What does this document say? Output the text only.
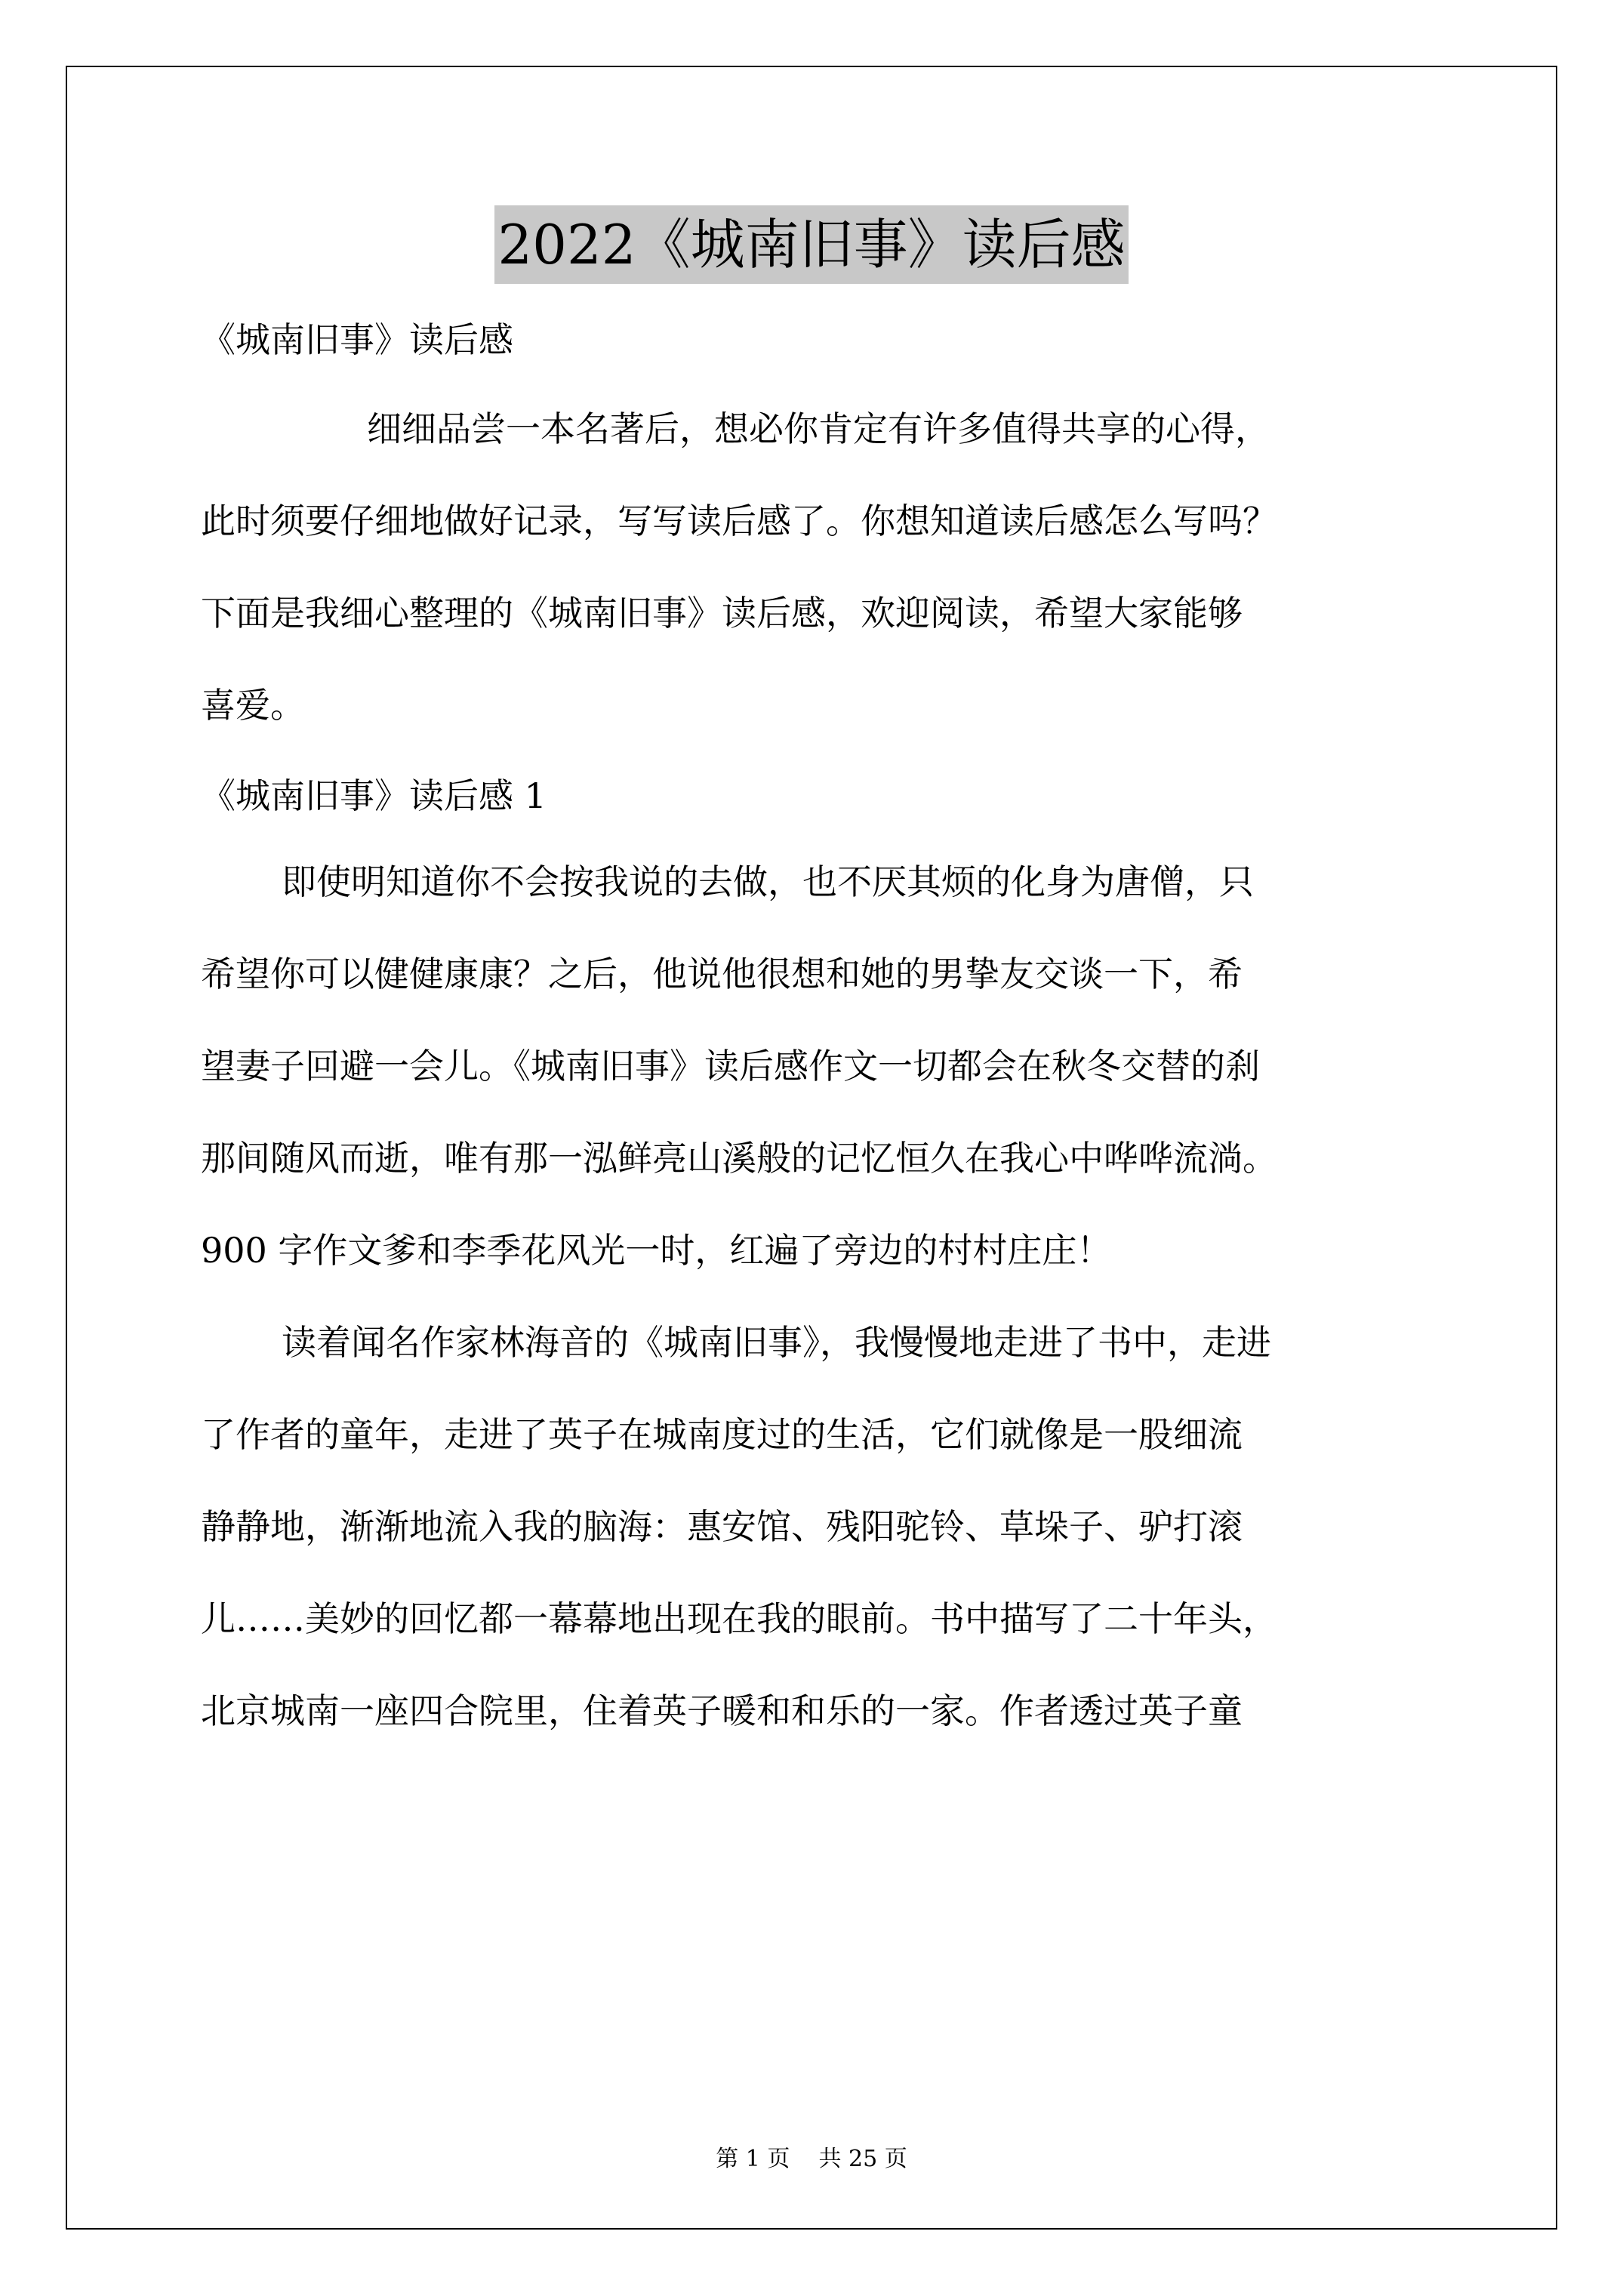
2022《城南旧事》读后感
《城南旧事》读后感
细细品尝一本名著后，想必你肯定有许多值得共享的心得，
此时须要仔细地做好记录，写写读后感了。你想知道读后感怎么写吗？
下面是我细心整理的《城南旧事》读后感，欢迎阅读，希望大家能够
喜爱。
《城南旧事》读后感 1
即使明知道你不会按我说的去做，也不厌其烦的化身为唐僧，只
希望你可以健健康康？之后，他说他很想和她的男挚友交谈一下，希
望妻子回避一会儿。《城南旧事》读后感作文一切都会在秋冬交替的刹
那间随风而逝，唯有那一泓鲜亮山溪般的记忆恒久在我心中哗哗流淌。
900 字作文爹和李季花风光一时，红遍了旁边的村村庄庄！
读着闻名作家林海音的《城南旧事》，我慢慢地走进了书中，走进
了作者的童年，走进了英子在城南度过的生活，它们就像是一股细流
静静地，渐渐地流入我的脑海：惠安馆、残阳驼铃、草垛子、驴打滚
儿……美妙的回忆都一幕幕地出现在我的眼前。书中描写了二十年头，
北京城南一座四合院里，住着英子暖和和乐的一家。作者透过英子童
第 1 页    共 25 页
